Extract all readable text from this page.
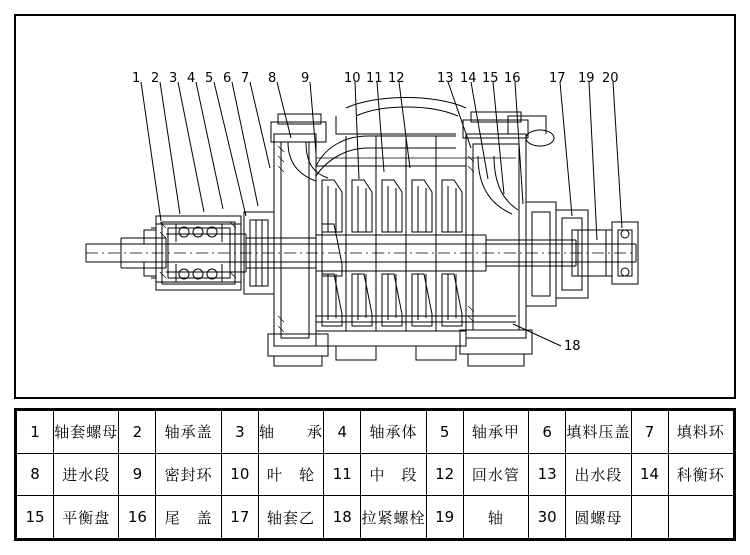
1 2 3 4 5 6 7 8 9	10 11 12 13 14 15 16 17 19 20
18
1	轴套螺母	2	轴承盖	3	轴　　承	4	轴承体	5	轴承甲	6	填料压盖	7	填料环
8	进水段	9	密封环	10	叶　轮	11	中　段	12	回水管	13	出水段	14	科衡环
15	平衡盘	16	尾　盖	17	轴套乙	18	拉紧螺栓	19	轴	30	圆螺母		
